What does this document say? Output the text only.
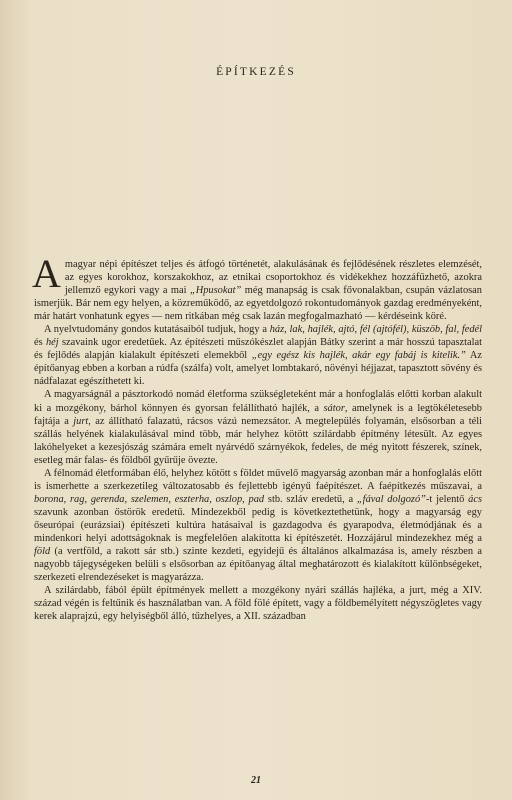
ÉPÍTKEZÉS

A magyar népi építészet teljes és átfogó történetét, alakulásának és fejlődésének részletes elemzését, az egyes korokhoz, korszakokhoz, az etnikai csoportokhoz és vidékekhez hozzáfűzhető, azokra jellemző egykori vagy a mai „Hpusokat” még manapság is csak fővonalakban, csupán vázlatosan ismerjük. Bár nem egy helyen, a közreműködő, az egyetdolgozó rokontudományok gazdag eredményeként, már határt vonhatunk egyes — nem ritkában még csak lazán megfogalmazható — kérdéseink köré.

A nyelvtudomány gondos kutatásaiból tudjuk, hogy a ház, lak, hajlék, ajtó, fél (ajtófél), küszöb, fal, fedél és héj szavaink ugor eredetűek. Az építészeti műszókészlet alapján Bátky szerint a már hosszú tapasztalat és fejlődés alapján kialakult építészeti elemekből „egy egész kis hajlék, akár egy fabáj is kitelik.” Az építőanyag ebben a korban a rúdfa (szálfa) volt, amelyet lombtakaró, növényi héjjazat, tapasztott sövény és nádfalazat egészíthetett ki.

A magyarságnál a pásztorkodó nomád életforma szükségleteként már a honfoglalás előtti korban alakult ki a mozgékony, bárhol könnyen és gyorsan felállítható hajlék, a sátor, amelynek is a legtökéletesebb fajtája a jurt, az állítható falazatú, rácsos vázú nemezsátor. A megtelepülés folyamán, elsősorban a téli szállás helyének kialakulásával mind több, már helyhez kötött szilárdabb építmény létesült. Az egyes lakóhelyeket a kezesjószág számára emelt nyárvédő szárnyékok, fedeles, de még nyitott fészerek, színek, esetleg már falas- és földből gyűrűje övezte.

A félnomád életformában élő, helyhez kötött s földet művelő magyarság azonban már a honfoglalás előtt is ismerhette a szerkezetileg változatosabb és fejlettebb igényű faépítészet. A faépítkezés műszavai, a borona, rag, gerenda, szelemen, eszterha, oszlop, pad stb. szláv eredetű, a „fával dolgozó”-t jelentő ács szavunk azonban őstörök eredetű. Mindezekből pedig is következtethetünk, hogy a magyarság egy őseurópai (eurázsiai) építészeti kultúra hatásaival is gazdagodva és gyarapodva, életmódjának és a mindenkori helyi adottságoknak is megfelelően alakította ki építészetét. Hozzájárul mindezekhez még a föld (a vertföld, a rakott sár stb.) szinte kezdeti, egyidejű és általános alkalmazása is, amely részben a nagyobb tájegységeken belüli s elsősorban az építőanyag által meghatározott és kialakított különbségeket, szerkezeti elrendezéseket is magyarázza.

A szilárdabb, fából épült építmények mellett a mozgékony nyári szállás hajléka, a jurt, még a XIV. század végén is feltűnik és használatban van. A föld fölé épített, vagy a földbemélyített négyszögletes vagy kerek alaprajzú, egy helyiségből álló, tűzhelyes, a XII. században

21
